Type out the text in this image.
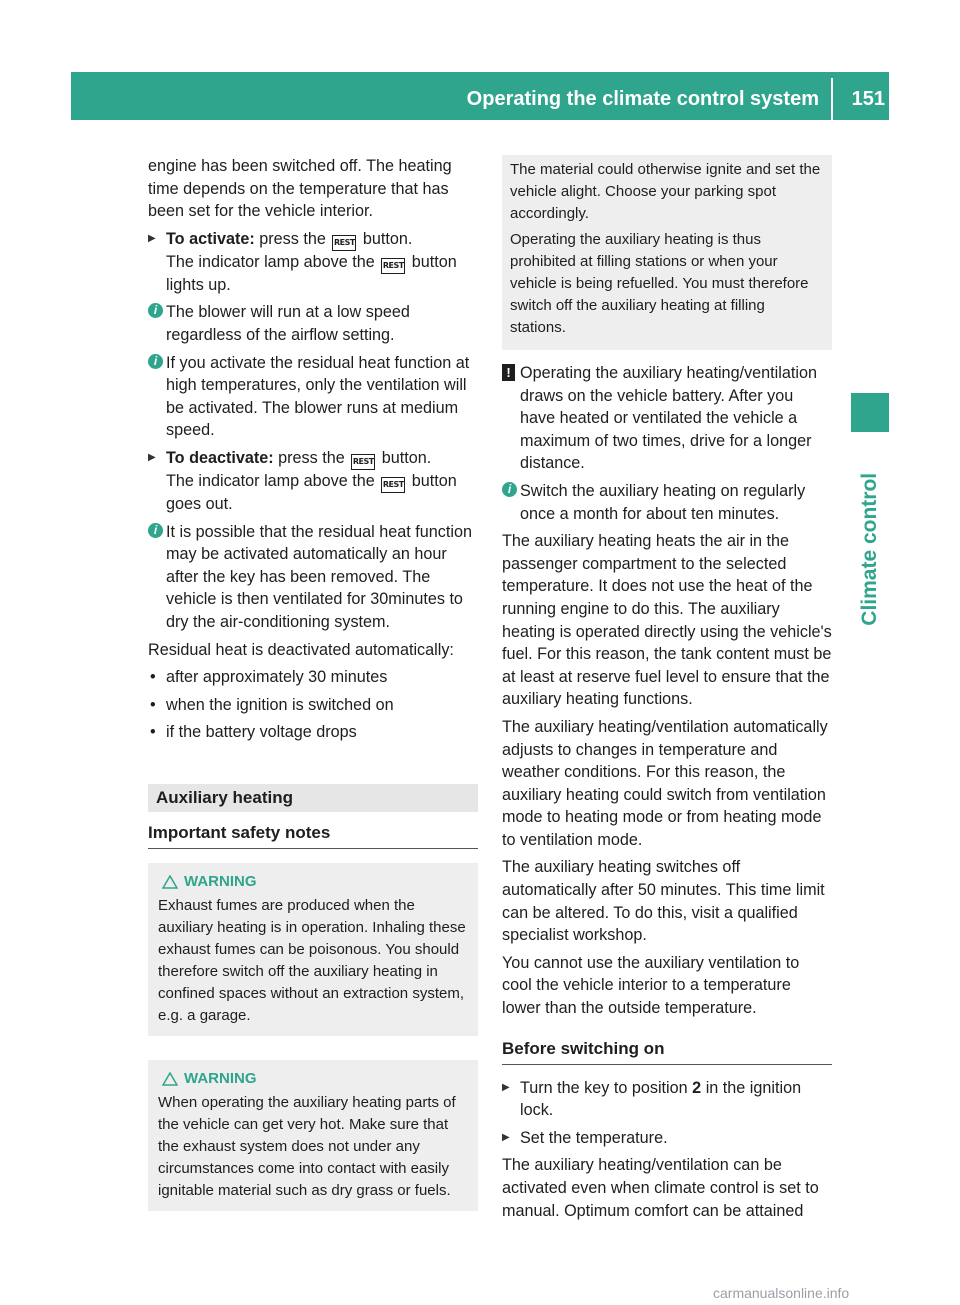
Operating the climate control system 151
Climate control

engine has been switched off. The heating time depends on the temperature that has been set for the vehicle interior.

▶ To activate: press the REST button.
The indicator lamp above the REST button lights up.
i The blower will run at a low speed regardless of the airflow setting.
i If you activate the residual heat function at high temperatures, only the ventilation will be activated. The blower runs at medium speed.
▶ To deactivate: press the REST button.
The indicator lamp above the REST button goes out.
i It is possible that the residual heat function may be activated automatically an hour after the key has been removed. The vehicle is then ventilated for 30minutes to dry the air-conditioning system.

Residual heat is deactivated automatically:

• after approximately 30 minutes
• when the ignition is switched on
• if the battery voltage drops
Auxiliary heating
Important safety notes
WARNING
Exhaust fumes are produced when the auxiliary heating is in operation. Inhaling these exhaust fumes can be poisonous. You should therefore switch off the auxiliary heating in confined spaces without an extraction system, e.g. a garage.
WARNING
When operating the auxiliary heating parts of the vehicle can get very hot. Make sure that the exhaust system does not under any circumstances come into contact with easily ignitable material such as dry grass or fuels.

The material could otherwise ignite and set the vehicle alight. Choose your parking spot accordingly.

Operating the auxiliary heating is thus prohibited at filling stations or when your vehicle is being refuelled. You must therefore switch off the auxiliary heating at filling stations.

! Operating the auxiliary heating/ventilation draws on the vehicle battery. After you have heated or ventilated the vehicle a maximum of two times, drive for a longer distance.
i Switch the auxiliary heating on regularly once a month for about ten minutes.

The auxiliary heating heats the air in the passenger compartment to the selected temperature. It does not use the heat of the running engine to do this. The auxiliary heating is operated directly using the vehicle's fuel. For this reason, the tank content must be at least at reserve fuel level to ensure that the auxiliary heating functions.

The auxiliary heating/ventilation automatically adjusts to changes in temperature and weather conditions. For this reason, the auxiliary heating could switch from ventilation mode to heating mode or from heating mode to ventilation mode.

The auxiliary heating switches off automatically after 50 minutes. This time limit can be altered. To do this, visit a qualified specialist workshop.

You cannot use the auxiliary ventilation to cool the vehicle interior to a temperature lower than the outside temperature.

Before switching on
▶ Turn the key to position 2 in the ignition lock.
▶ Set the temperature.

The auxiliary heating/ventilation can be activated even when climate control is set to manual. Optimum comfort can be attained

carmanualsonline.info
